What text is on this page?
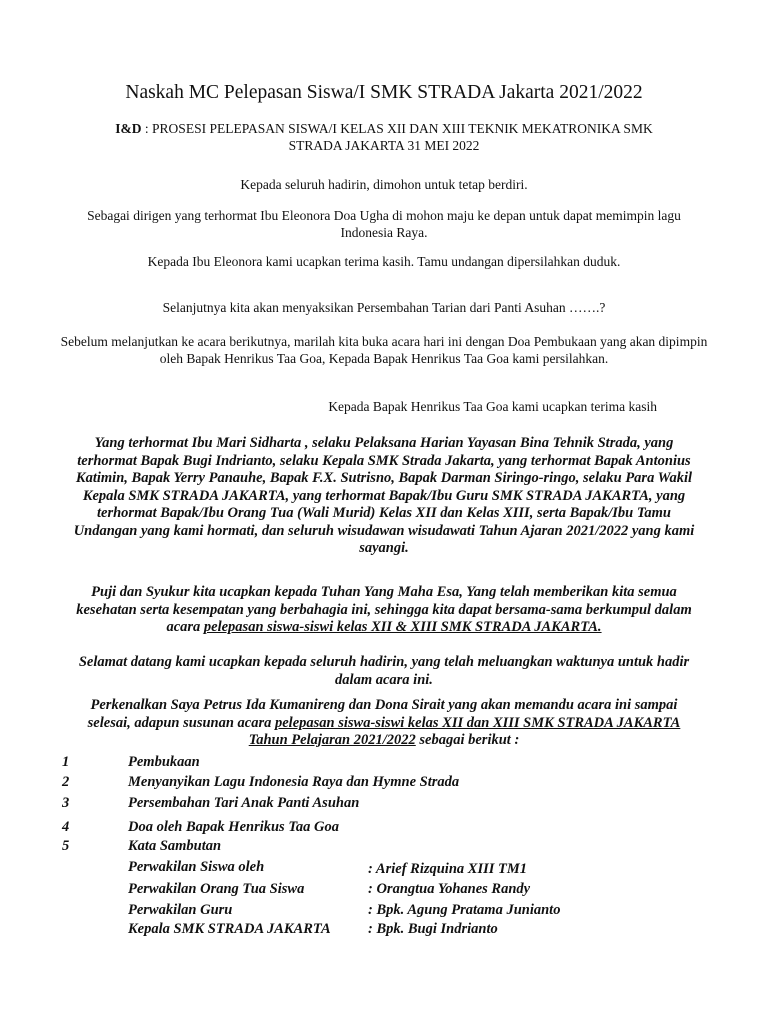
Naskah MC Pelepasan Siswa/I SMK STRADA Jakarta 2021/2022
I&D : PROSESI PELEPASAN SISWA/I KELAS XII DAN XIII TEKNIK MEKATRONIKA SMK STRADA JAKARTA 31 MEI 2022

Kepada seluruh hadirin, dimohon untuk tetap berdiri.

Sebagai dirigen yang terhormat Ibu Eleonora Doa Ugha di mohon maju ke depan untuk dapat memimpin lagu Indonesia Raya.

Kepada Ibu Eleonora kami ucapkan terima kasih. Tamu undangan dipersilahkan duduk.

Selanjutnya kita akan menyaksikan Persembahan Tarian dari Panti Asuhan …….?

Sebelum melanjutkan ke acara berikutnya, marilah kita buka acara hari ini dengan Doa Pembukaan yang akan dipimpin oleh Bapak Henrikus Taa Goa, Kepada Bapak Henrikus Taa Goa kami persilahkan.

Kepada Bapak Henrikus Taa Goa kami ucapkan terima kasih

Yang terhormat Ibu Mari Sidharta , selaku Pelaksana Harian Yayasan Bina Tehnik Strada, yang terhormat Bapak Bugi Indrianto, selaku Kepala SMK Strada Jakarta, yang terhormat Bapak Antonius Katimin, Bapak Yerry Panauhe, Bapak F.X. Sutrisno, Bapak Darman Siringo-ringo, selaku Para Wakil Kepala SMK STRADA JAKARTA, yang terhormat Bapak/Ibu Guru SMK STRADA JAKARTA, yang terhormat Bapak/Ibu Orang Tua (Wali Murid) Kelas XII dan Kelas XIII, serta Bapak/Ibu Tamu Undangan yang kami hormati, dan seluruh wisudawan wisudawati Tahun Ajaran 2021/2022 yang kami sayangi.

Puji dan Syukur kita ucapkan kepada Tuhan Yang Maha Esa, Yang telah memberikan kita semua kesehatan serta kesempatan yang berbahagia ini, sehingga kita dapat bersama-sama berkumpul dalam acara pelepasan siswa-siswi kelas XII & XIII SMK STRADA JAKARTA.

Selamat datang kami ucapkan kepada seluruh hadirin, yang telah meluangkan waktunya untuk hadir dalam acara ini.

Perkenalkan Saya Petrus Ida Kumanireng dan Dona Sirait yang akan memandu acara ini sampai selesai, adapun susunan acara pelepasan siswa-siswi kelas XII dan XIII SMK STRADA JAKARTA Tahun Pelajaran 2021/2022 sebagai berikut :

1	Pembukaan
2	Menyanyikan Lagu Indonesia Raya dan Hymne Strada
3	Persembahan Tari Anak Panti Asuhan
4	Doa oleh Bapak Henrikus Taa Goa
5	Kata Sambutan
Perwakilan Siswa oleh	: Arief Rizquina XIII TM1
Perwakilan Orang Tua Siswa	: Orangtua Yohanes Randy
Perwakilan Guru	: Bpk. Agung Pratama Junianto
Kepala SMK STRADA JAKARTA	: Bpk. Bugi Indrianto
